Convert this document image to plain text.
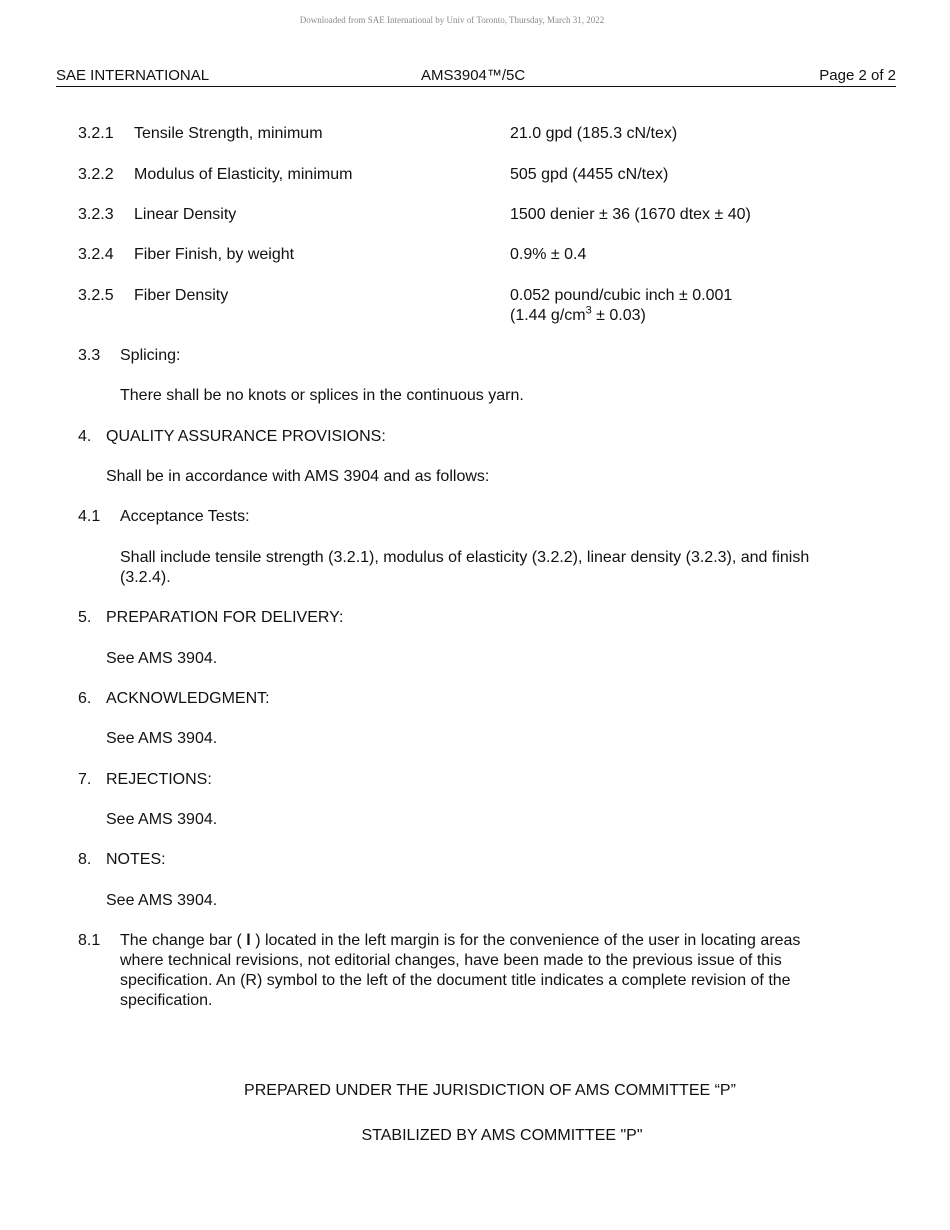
Downloaded from SAE International by Univ of Toronto, Thursday, March 31, 2022
SAE INTERNATIONAL	AMS3904™/5C	Page 2 of 2
3.2.1 Tensile Strength, minimum	21.0 gpd (185.3 cN/tex)
3.2.2 Modulus of Elasticity, minimum	505 gpd (4455 cN/tex)
3.2.3 Linear Density	1500 denier ± 36 (1670 dtex ± 40)
3.2.4 Fiber Finish, by weight	0.9% ± 0.4
3.2.5 Fiber Density	0.052 pound/cubic inch ± 0.001
(1.44 $g/cm^3 \pm 0.03$)
3.3 Splicing:
There shall be no knots or splices in the continuous yarn.
4. QUALITY ASSURANCE PROVISIONS:
Shall be in accordance with AMS 3904 and as follows:
4.1 Acceptance Tests:
Shall include tensile strength (3.2.1), modulus of elasticity (3.2.2), linear density (3.2.3), and finish
(3.2.4).
5. PREPARATION FOR DELIVERY:
See AMS 3904.
6. ACKNOWLEDGMENT:
See AMS 3904.
7. REJECTIONS:
See AMS 3904.
8. NOTES:
See AMS 3904.
8.1 The change bar ( l ) located in the left margin is for the convenience of the user in locating areas
where technical revisions, not editorial changes, have been made to the previous issue of this
specification. An (R) symbol to the left of the document title indicates a complete revision of the
specification.
PREPARED UNDER THE JURISDICTION OF AMS COMMITTEE “P”
STABILIZED BY AMS COMMITTEE "P"
